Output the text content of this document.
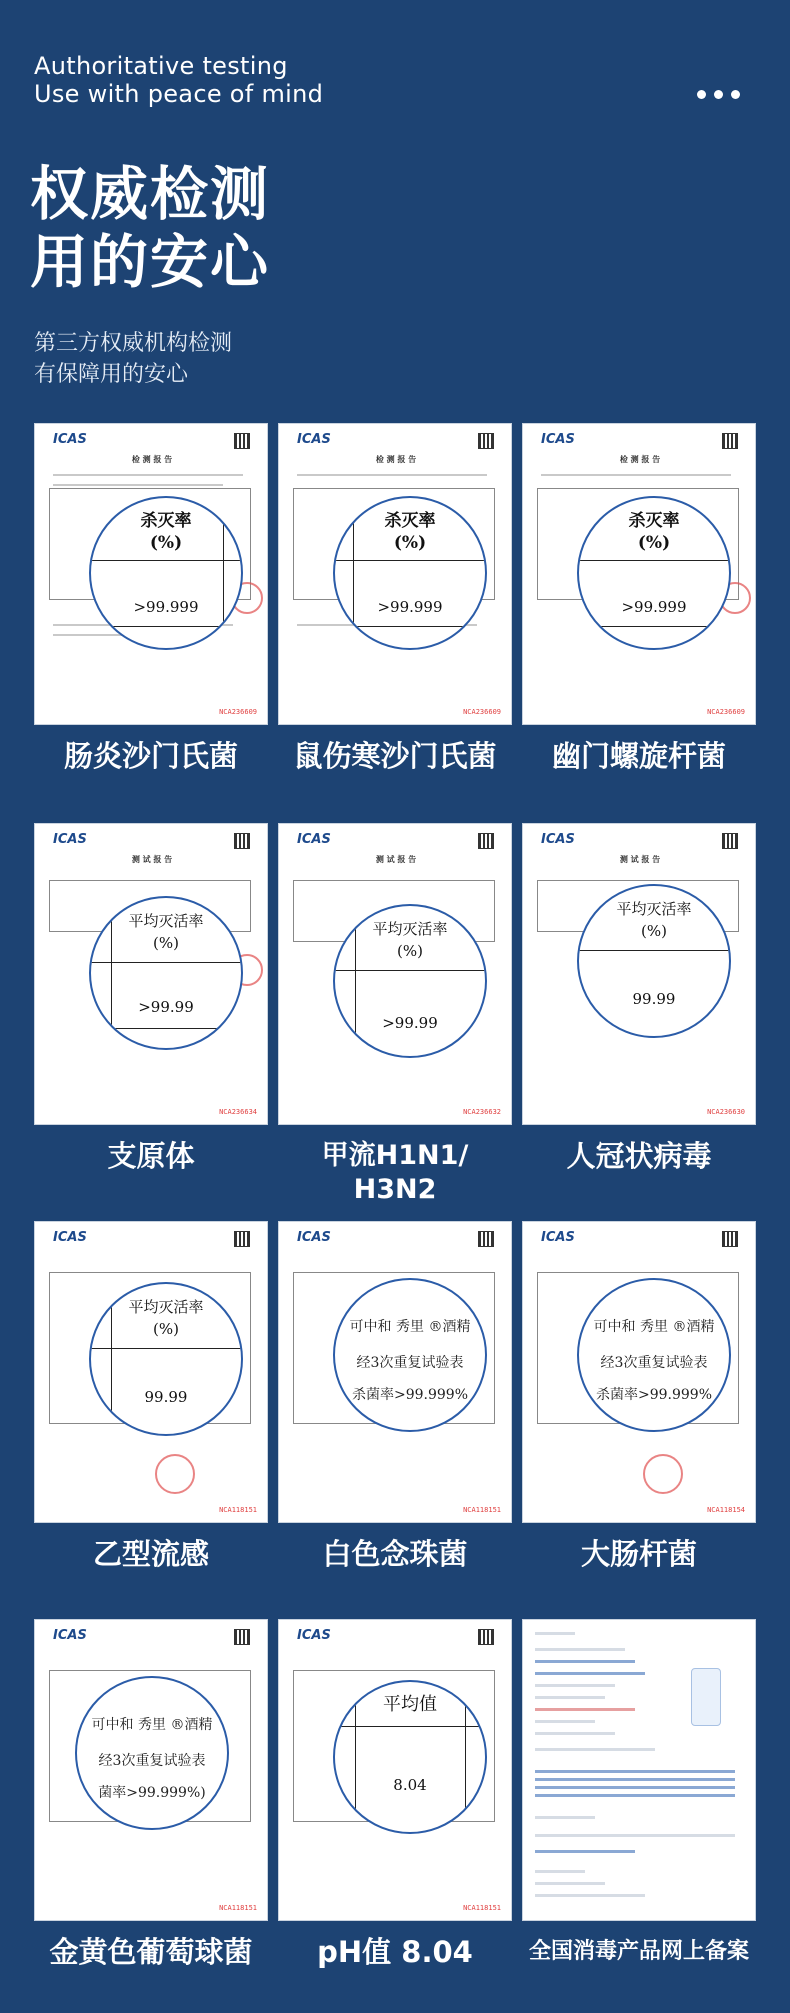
Authoritative testing
Use with peace of mind
权威检测
用的安心
第三方权威机构检测
有保障用的安心
ICAS
检 测 报 告
NCA236609
杀灭率
(%)
>99.999
肠炎沙门氏菌
ICAS
检 测 报 告
NCA236609
杀灭率
(%)
>99.999
鼠伤寒沙门氏菌
ICAS
检 测 报 告
NCA236609
杀灭率
(%)
>99.999
幽门螺旋杆菌
ICAS
测 试 报 告
NCA236634
平均灭活率
(%)
>99.99
支原体
ICAS
测 试 报 告
NCA236632
平均灭活率
(%)
>99.99
甲流H1N1/
H3N2
ICAS
测 试 报 告
NCA236630
平均灭活率
(%)
99.99
人冠状病毒
ICAS
NCA118151
平均灭活率
(%)
99.99
乙型流感
ICAS
NCA118151
可中和 秀里 ®酒精
经3次重复试验表
杀菌率>99.999%
白色念珠菌
ICAS
NCA118154
可中和 秀里 ®酒精
经3次重复试验表
杀菌率>99.999%
大肠杆菌
ICAS
NCA118151
可中和 秀里 ®酒精
经3次重复试验表
菌率>99.999%)
金黄色葡萄球菌
ICAS
NCA118151
平均值
8.04
pH值 8.04	全国消毒产品网上备案
